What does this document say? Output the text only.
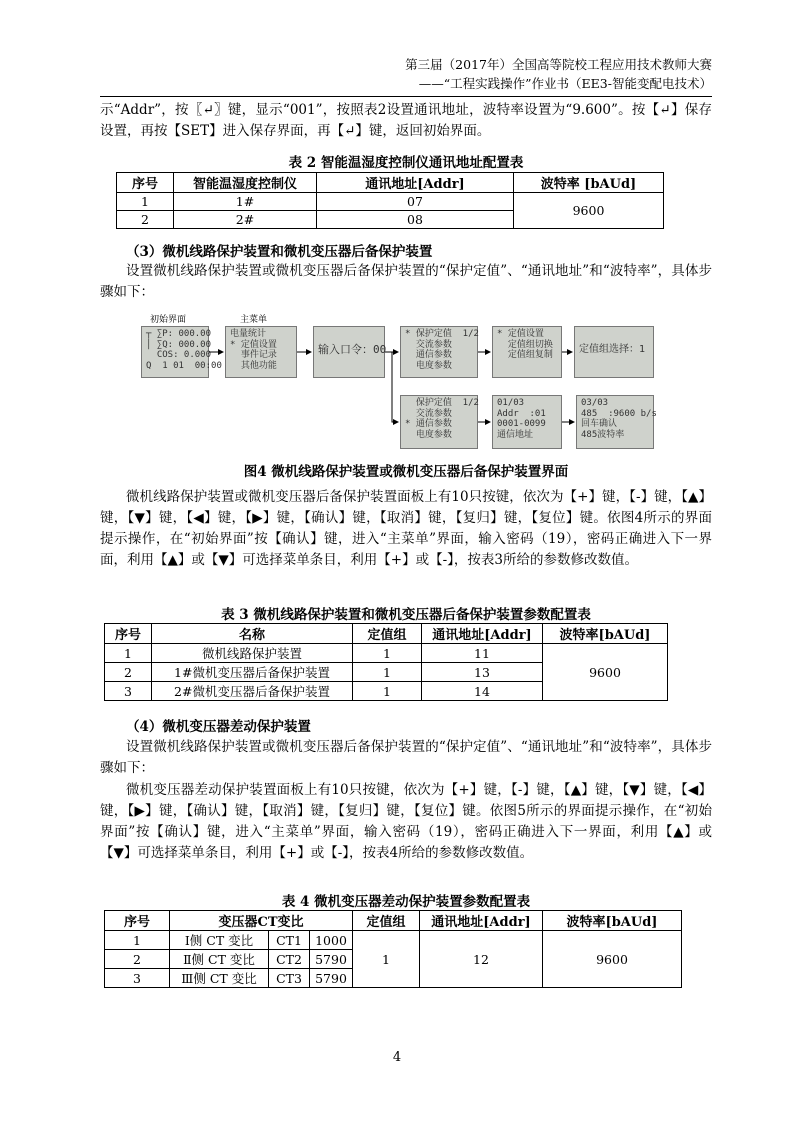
第三届（2017年）全国高等院校工程应用技术教师大赛
——“工程实践操作”作业书（EE3-智能变配电技术）

示“Addr”，按〖↵〗键，显示“001”，按照表2设置通讯地址，波特率设置为“9.600”。按【↵】保存设置，再按【SET】进入保存界面，再【↵】键，返回初始界面。

表 2 智能温湿度控制仪通讯地址配置表
序号	智能温湿度控制仪	通讯地址[Addr]	波特率 [bAUd]
1	1#	07	9600
2	2#	08	
（3）微机线路保护装置和微机变压器后备保护装置

设置微机线路保护装置或微机变压器后备保护装置的“保护定值”、“通讯地址”和“波特率”，具体步骤如下：

初始界面	主菜单
┬ ∑P: 000.00
│ ∑Q: 000.00
COS: 0.000
Q  1 01  00:00
电量统计
* 定值设置
事件记录
其他功能
输入口令：00
* 保护定值  1/2
交流参数
通信参数
电度参数
* 定值设置
定值组切换
定值组复制	定值组选择：1
保护定值  1/2
交流参数
* 通信参数
电度参数
01/03
Addr  :01
0001-0099
通信地址
03/03
485  :9600 b/s
回车确认
485波特率
图4 微机线路保护装置或微机变压器后备保护装置界面

微机线路保护装置或微机变压器后备保护装置面板上有10只按键，依次为【+】键，【-】键，【▲】键，【▼】键，【◀】键，【▶】键，【确认】键，【取消】键，【复归】键，【复位】键。依图4所示的界面提示操作，在“初始界面”按【确认】键，进入“主菜单”界面，输入密码（19），密码正确进入下一界面，利用【▲】或【▼】可选择菜单条目，利用【+】或【-】，按表3所给的参数修改数值。

表 3 微机线路保护装置和微机变压器后备保护装置参数配置表
序号	名称	定值组	通讯地址[Addr]	波特率[bAUd]
1	微机线路保护装置	1	11	9600
2	1#微机变压器后备保护装置	1	13	
3	2#微机变压器后备保护装置	1	14	
（4）微机变压器差动保护装置

设置微机线路保护装置或微机变压器后备保护装置的“保护定值”、“通讯地址”和“波特率”，具体步骤如下：

微机变压器差动保护装置面板上有10只按键，依次为【+】键，【-】键，【▲】键，【▼】键，【◀】键，【▶】键，【确认】键，【取消】键，【复归】键，【复位】键。依图5所示的界面提示操作，在“初始界面”按【确认】键，进入“主菜单”界面，输入密码（19），密码正确进入下一界面，利用【▲】或【▼】可选择菜单条目，利用【+】或【-】，按表4所给的参数修改数值。

表 4 微机变压器差动保护装置参数配置表
序号	变压器CT变比			定值组	通讯地址[Addr]	波特率[bAUd]
1	Ⅰ侧 CT 变比	CT1	1000	1	12	9600
2	Ⅱ侧 CT 变比	CT2	5790			
3	Ⅲ侧 CT 变比	CT3	5790			
4
